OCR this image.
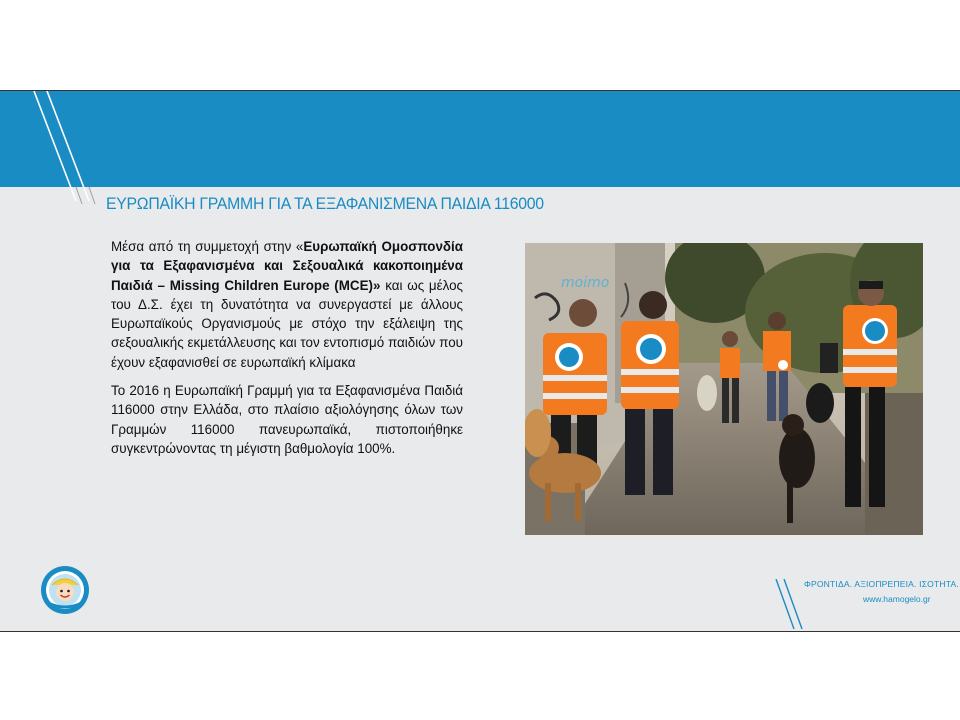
ΕΥΡΩΠΑΪΚΗ ΓΡΑΜΜΗ ΓΙΑ ΤΑ ΕΞΑΦΑΝΙΣΜΕΝΑ ΠΑΙΔΙΑ 116000

Μέσα από τη συμμετοχή στην «Ευρωπαϊκή Ομοσπονδία για τα Εξαφανισμένα και Σεξουαλικά κακοποιημένα Παιδιά – Missing Children Europe (MCE)» και ως μέλος του Δ.Σ. έχει τη δυνατότητα να συνεργαστεί με άλλους Ευρωπαϊκούς Οργανισμούς με στόχο την εξάλειψη της σεξουαλικής εκμετάλλευσης και τον εντοπισμό παιδιών που έχουν εξαφανισθεί σε ευρωπαϊκή κλίμακα

Το 2016 η Ευρωπαϊκή Γραμμή για τα Εξαφανισμένα Παιδιά 116000 στην Ελλάδα, στο πλαίσιο αξιολόγησης όλων των Γραμμών 116000 πανευρωπαϊκά, πιστοποιήθηκε συγκεντρώνοντας τη μέγιστη βαθμολογία 100%.

moimo
ΦΡΟΝΤΙΔΑ. ΑΞΙΟΠΡΕΠΕΙΑ. ΙΣΟΤΗΤΑ.
www.hamogelo.gr
